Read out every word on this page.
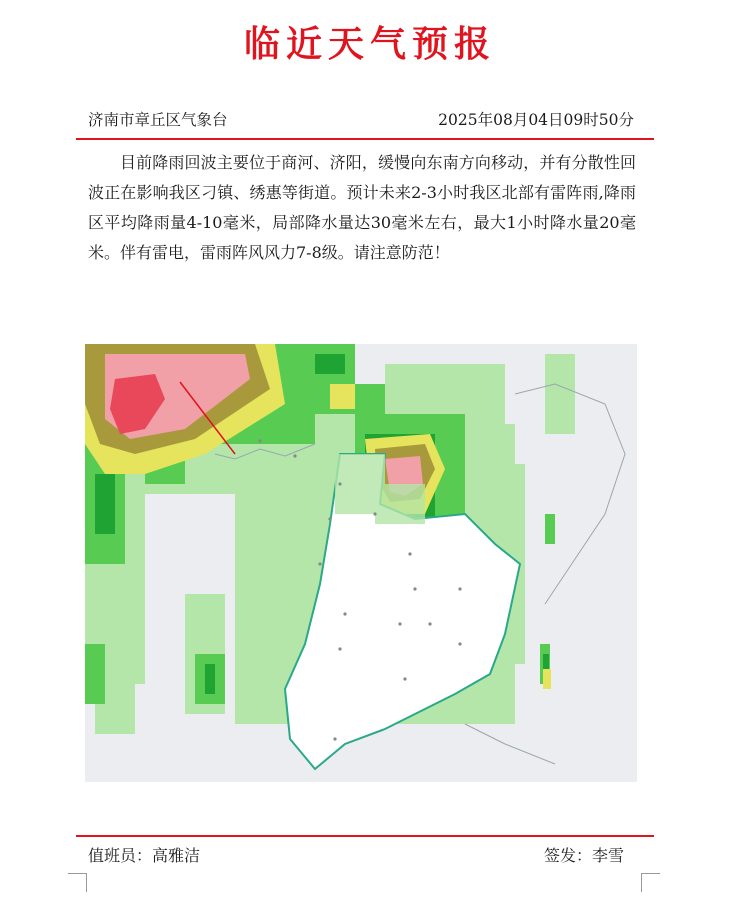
临近天气预报
济南市章丘区气象台	2025年08月04日09时50分
目前降雨回波主要位于商河、济阳，缓慢向东南方向移动，并有分散性回波正在影响我区刁镇、绣惠等街道。预计未来2-3小时我区北部有雷阵雨,降雨区平均降雨量4-10毫米，局部降水量达30毫米左右，最大1小时降水量20毫米。伴有雷电，雷雨阵风风力7-8级。请注意防范！
值班员：高雅洁	签发：李雪
